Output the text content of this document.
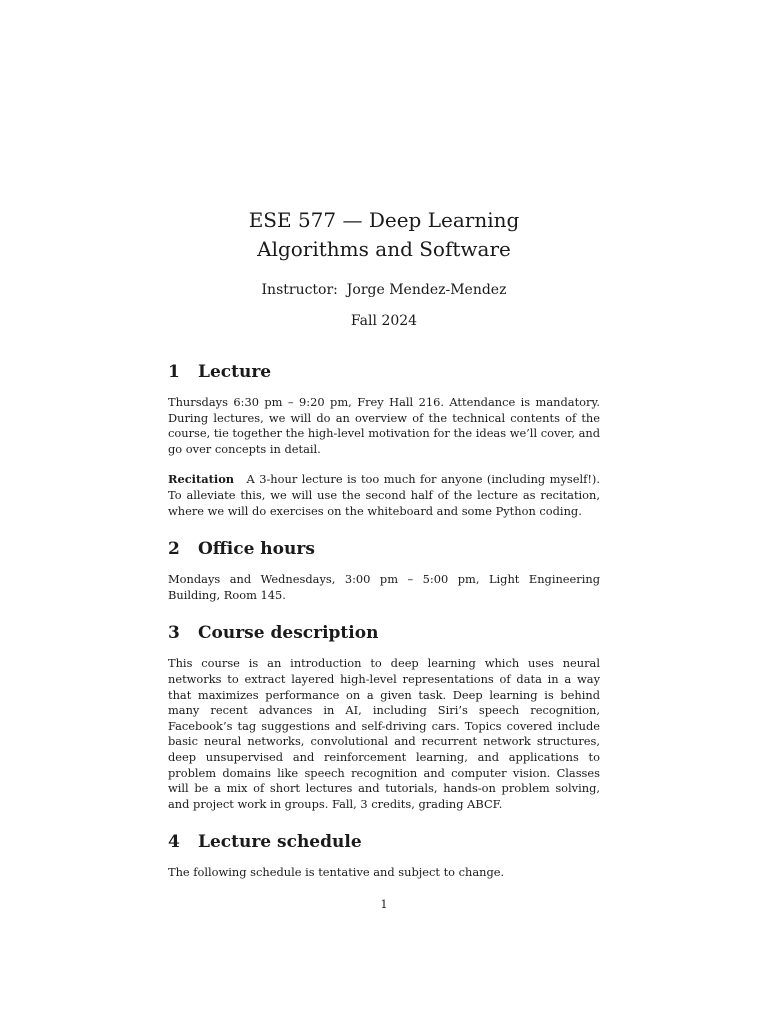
ESE 577 — Deep Learning
Algorithms and Software
Instructor:  Jorge Mendez-Mendez
Fall 2024
1	Lecture

Thursdays 6:30 pm – 9:20 pm, Frey Hall 216. Attendance is mandatory. During lectures, we will do an overview of the technical contents of the course, tie together the high-level motivation for the ideas we’ll cover, and go over concepts in detail.

Recitation A 3-hour lecture is too much for anyone (including myself!). To alleviate this, we will use the second half of the lecture as recitation, where we will do exercises on the whiteboard and some Python coding.

2	Office hours

Mondays and Wednesdays, 3:00 pm – 5:00 pm, Light Engineering Building, Room 145.

3	Course description

This course is an introduction to deep learning which uses neural networks to extract layered high-level representations of data in a way that maximizes performance on a given task. Deep learning is behind many recent advances in AI, including Siri’s speech recognition, Facebook’s tag suggestions and self-driving cars. Topics covered include basic neural networks, convolutional and recurrent network structures, deep unsupervised and reinforcement learning, and applications to problem domains like speech recognition and computer vision. Classes will be a mix of short lectures and tutorials, hands-on problem solving, and project work in groups. Fall, 3 credits, grading ABCF.

4	Lecture schedule

The following schedule is tentative and subject to change.

1
